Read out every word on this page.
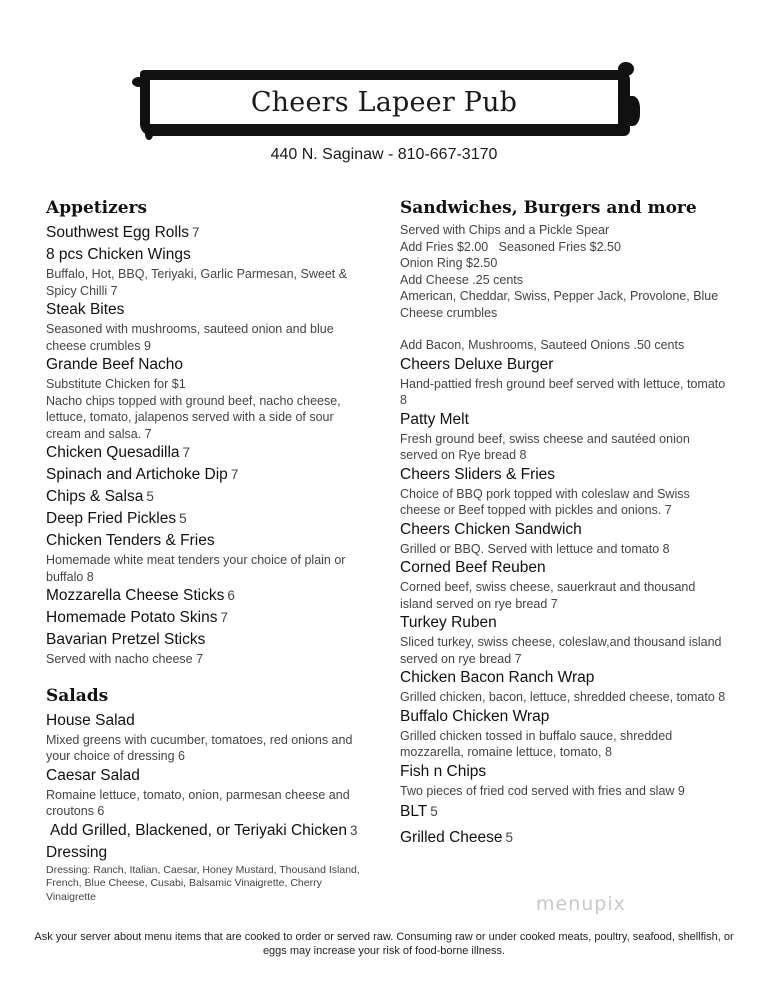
Cheers Lapeer Pub
440 N. Saginaw - 810-667-3170
Appetizers
Southwest Egg Rolls 7
8 pcs Chicken Wings
Buffalo, Hot, BBQ, Teriyaki, Garlic Parmesan, Sweet & Spicy Chilli 7
Steak Bites
Seasoned with mushrooms, sauteed onion and blue cheese crumbles 9
Grande Beef Nacho
Substitute Chicken for $1
Nacho chips topped with ground beef, nacho cheese, lettuce, tomato, jalapenos served with a side of sour cream and salsa. 7
Chicken Quesadilla 7
Spinach and Artichoke Dip 7
Chips & Salsa 5
Deep Fried Pickles 5
Chicken Tenders & Fries
Homemade white meat tenders your choice of plain or buffalo 8
Mozzarella Cheese Sticks 6
Homemade Potato Skins 7
Bavarian Pretzel Sticks
Served with nacho cheese 7
Salads
House Salad
Mixed greens with cucumber, tomatoes, red onions and your choice of dressing 6
Caesar Salad
Romaine lettuce, tomato, onion, parmesan cheese and croutons 6
Add Grilled, Blackened, or Teriyaki Chicken 3
Dressing
Dressing: Ranch, Italian, Caesar, Honey Mustard, Thousand Island, French, Blue Cheese, Cusabi, Balsamic Vinaigrette, Cherry Vinaigrette
Sandwiches, Burgers and more
Served with Chips and a Pickle Spear
Add Fries $2.00   Seasoned Fries $2.50
Onion Ring $2.50
Add Cheese .25 cents
American, Cheddar, Swiss, Pepper Jack, Provolone, Blue Cheese crumbles
Add Bacon, Mushrooms, Sauteed Onions .50 cents
Cheers Deluxe Burger
Hand-pattied fresh ground beef served with lettuce, tomato 8
Patty Melt
Fresh ground beef, swiss cheese and sautéed onion served on Rye bread 8
Cheers Sliders & Fries
Choice of BBQ pork topped with coleslaw and Swiss cheese or Beef topped with pickles and onions. 7
Cheers Chicken Sandwich
Grilled or BBQ. Served with lettuce and tomato 8
Corned Beef Reuben
Corned beef, swiss cheese, sauerkraut and thousand island served on rye bread 7
Turkey Ruben
Sliced turkey, swiss cheese, coleslaw,and thousand island served on rye bread 7
Chicken Bacon Ranch Wrap
Grilled chicken, bacon, lettuce, shredded cheese, tomato 8
Buffalo Chicken Wrap
Grilled chicken tossed in buffalo sauce, shredded mozzarella, romaine lettuce, tomato, 8
Fish n Chips
Two pieces of fried cod served with fries and slaw 9
BLT 5
Grilled Cheese 5
menupix
Ask your server about menu items that are cooked to order or served raw. Consuming raw or under cooked meats, poultry, seafood, shellfish, or
eggs may increase your risk of food-borne illness.
